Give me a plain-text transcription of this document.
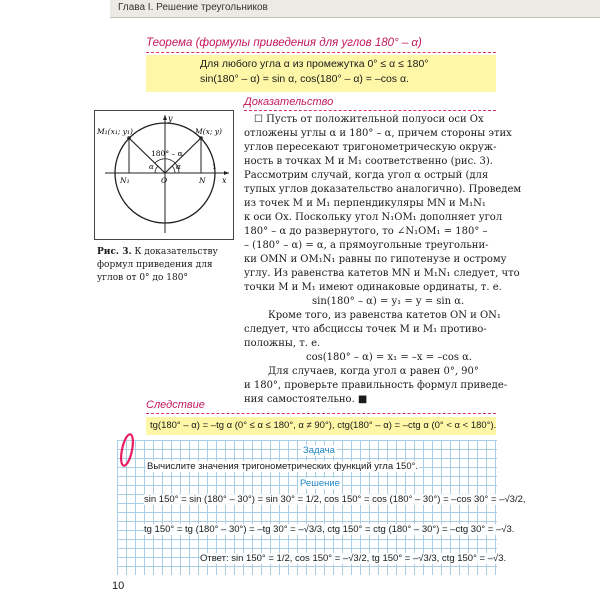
Глава I. Решение треугольников
Теорема (формулы приведения для углов 180° – α)
Для любого угла α из промежутка 0° ≤ α ≤ 180°
sin(180° – α) = sin α, cos(180° – α) = –cos α.
y
x
M₁(x₁; y₁)	M(x; y)
180° – α
N₁	O	N
α
α	1
Рис. 3. К доказательству формул приведения для углов от 0° до 180°
Доказательство
☐ Пусть от положительной полуоси оси Ox
отложены углы α и 180° – α, причем стороны этих
углов пересекают тригонометрическую окруж-
ность в точках M и M₁ соответственно (рис. 3).
Рассмотрим случай, когда угол α острый (для
тупых углов доказательство аналогично). Проведем
из точек M и M₁ перпендикуляры MN и M₁N₁
к оси Ox. Поскольку угол N₁OM₁ дополняет угол
180° – α до развернутого, то ∠N₁OM₁ = 180° –
– (180° – α) = α, а прямоугольные треугольни-
ки OMN и OM₁N₁ равны по гипотенузе и острому
углу. Из равенства катетов MN и M₁N₁ следует, что
точки M и M₁ имеют одинаковые ординаты, т. е.
sin(180° – α) = y₁ = y = sin α.
Кроме того, из равенства катетов ON и ON₁
следует, что абсциссы точек M и M₁ противо-
положны, т. е.
cos(180° – α) = x₁ = –x = –cos α.
Для случаев, когда угол α равен 0°, 90°
и 180°, проверьте правильность формул приведе-
ния самостоятельно. ■
Следствие
tg(180° – α) = –tg α (0° ≤ α ≤ 180°, α ≠ 90°), ctg(180° – α) = –ctg α (0° < α < 180°).
Задача
Вычислите значения тригонометрических функций угла 150°.
Решение
sin 150° = sin (180° – 30°) = sin 30° = 1/2, cos 150° = cos (180° – 30°) = –cos 30° = –√3/2,
tg 150° = tg (180° – 30°) = –tg 30° = –√3/3, ctg 150° = ctg (180° – 30°) = –ctg 30° = –√3.
Ответ: sin 150° = 1/2, cos 150° = –√3/2, tg 150° = –√3/3, ctg 150° = –√3.
10
